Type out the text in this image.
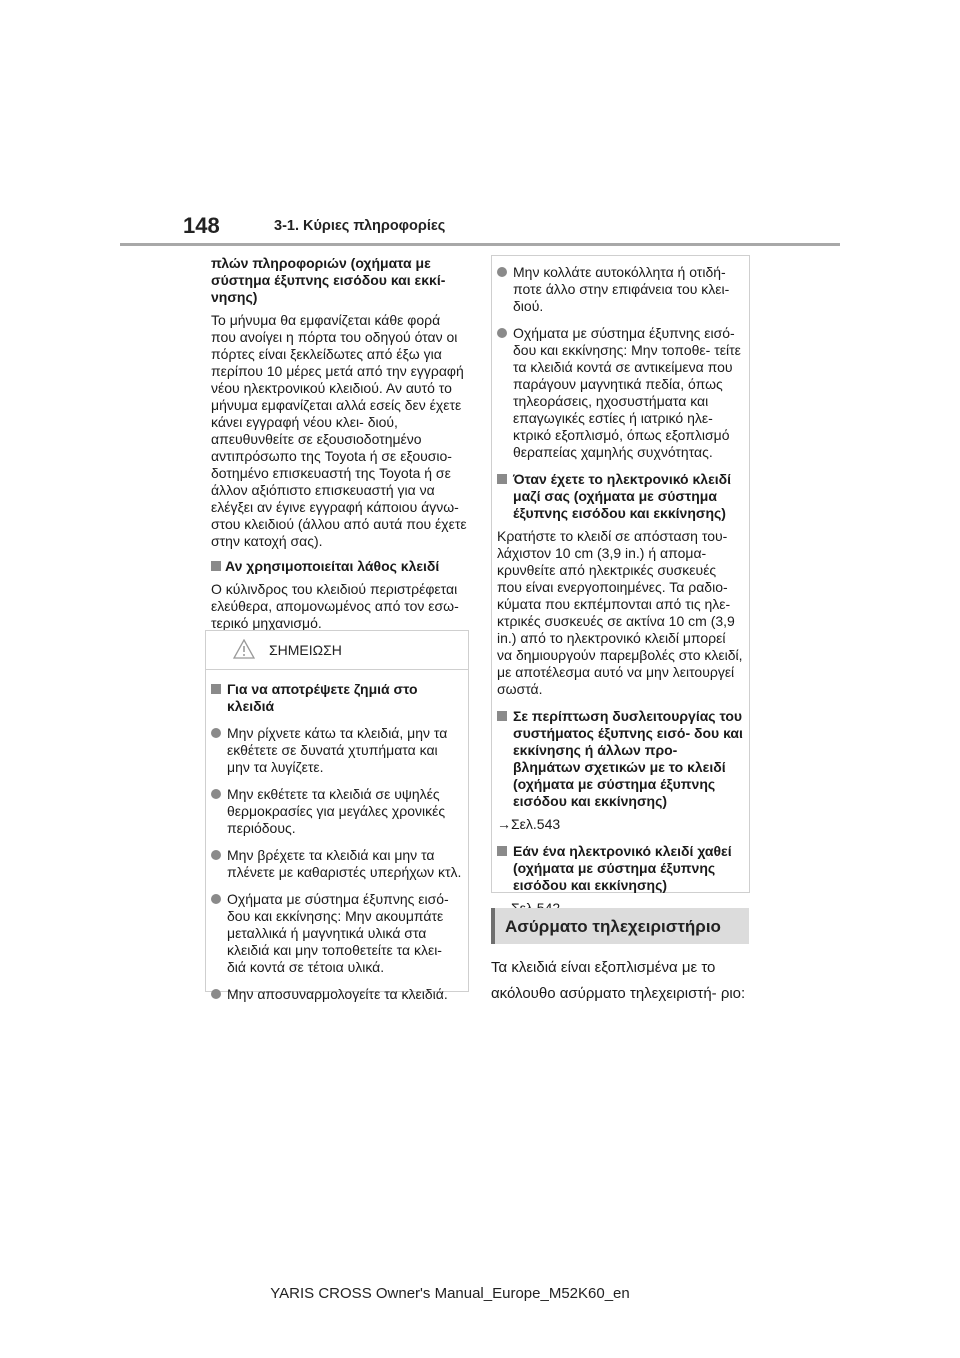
148	3-1. Κύριες πληροφορίες

πλών πληροφοριών (οχήματα με σύστημα έξυπνης εισόδου και εκκί- νησης)

Το μήνυμα θα εμφανίζεται κάθε φορά που ανοίγει η πόρτα του οδηγού όταν οι πόρτες είναι ξεκλείδωτες από έξω για περίπου 10 μέρες μετά από την εγγραφή νέου ηλεκτρονικού κλειδιού. Αν αυτό το μήνυμα εμφανίζεται αλλά εσείς δεν έχετε κάνει εγγραφή νέου κλει- διού, απευθυνθείτε σε εξουσιοδοτημένο αντιπρόσωπο της Toyota ή σε εξουσιο- δοτημένο επισκευαστή της Toyota ή σε άλλον αξιόπιστο επισκευαστή για να ελέγξει αν έγινε εγγραφή κάποιου άγνω- στου κλειδιού (άλλου από αυτά που έχετε στην κατοχή σας).

Αν χρησιμοποιείται λάθος κλειδί

Ο κύλινδρος του κλειδιού περιστρέφεται ελεύθερα, απομονωμένος από τον εσω- τερικό μηχανισμό.

ΣΗΜΕΙΩΣΗ

Για να αποτρέψετε ζημιά στο κλειδιά

Μην ρίχνετε κάτω τα κλειδιά, μην τα εκθέτετε σε δυνατά χτυπήματα και μην τα λυγίζετε.

Μην εκθέτετε τα κλειδιά σε υψηλές θερμοκρασίες για μεγάλες χρονικές περιόδους.

Μην βρέχετε τα κλειδιά και μην τα πλένετε με καθαριστές υπερήχων κτλ.

Οχήματα με σύστημα έξυπνης εισό- δου και εκκίνησης: Μην ακουμπάτε μεταλλικά ή μαγνητικά υλικά στα κλειδιά και μην τοποθετείτε τα κλει- διά κοντά σε τέτοια υλικά.

Μην αποσυναρμολογείτε τα κλειδιά.

Μην κολλάτε αυτοκόλλητα ή οτιδή- ποτε άλλο στην επιφάνεια του κλει- διού.

Οχήματα με σύστημα έξυπνης εισό- δου και εκκίνησης: Μην τοποθε- τείτε τα κλειδιά κοντά σε αντικείμενα που παράγουν μαγνητικά πεδία, όπως τηλεοράσεις, ηχοσυστήματα και επαγωγικές εστίες ή ιατρικό ηλε- κτρικό εξοπλισμό, όπως εξοπλισμό θεραπείας χαμηλής συχνότητας.

Όταν έχετε το ηλεκτρονικό κλειδί μαζί σας (οχήματα με σύστημα έξυπνης εισόδου και εκκίνησης)

Κρατήστε το κλειδί σε απόσταση του- λάχιστον 10 cm (3,9 in.) ή απομα- κρυνθείτε από ηλεκτρικές συσκευές που είναι ενεργοποιημένες. Τα ραδιο- κύματα που εκπέμπονται από τις ηλε- κτρικές συσκευές σε ακτίνα 10 cm (3,9 in.) από το ηλεκτρονικό κλειδί μπορεί να δημιουργούν παρεμβολές στο κλειδί, με αποτέλεσμα αυτό να μην λειτουργεί σωστά.

Σε περίπτωση δυσλειτουργίας του συστήματος έξυπνης εισό- δου και εκκίνησης ή άλλων προ- βλημάτων σχετικών με το κλειδί (οχήματα με σύστημα έξυπνης εισόδου και εκκίνησης)

→Σελ.543

Εάν ένα ηλεκτρονικό κλειδί χαθεί (οχήματα με σύστημα έξυπνης εισόδου και εκκίνησης)

Ασύρματο τηλεχειριστήριο
Τα κλειδιά είναι εξοπλισμένα με το ακόλουθο ασύρματο τηλεχειριστή- ριο:
YARIS CROSS Owner's Manual_Europe_M52K60_en
